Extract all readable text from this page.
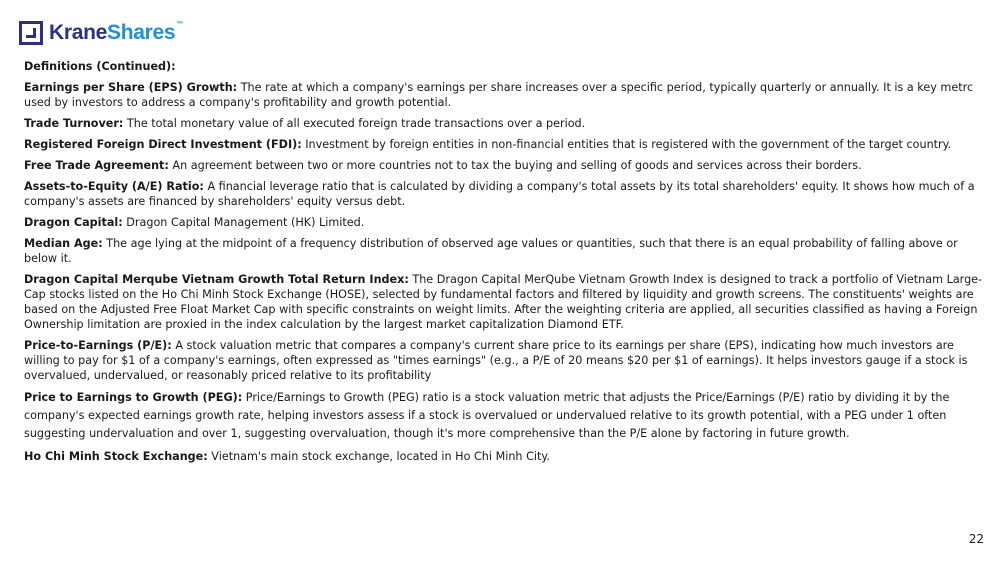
KraneShares™

Definitions (Continued):

Earnings per Share (EPS) Growth: The rate at which a company's earnings per share increases over a specific period, typically quarterly or annually. It is a key metrc used by investors to address a company's profitability and growth potential.

Trade Turnover: The total monetary value of all executed foreign trade transactions over a period.

Registered Foreign Direct Investment (FDI): Investment by foreign entities in non-financial entities that is registered with the government of the target country.

Free Trade Agreement: An agreement between two or more countries not to tax the buying and selling of goods and services across their borders.

Assets-to-Equity (A/E) Ratio: A financial leverage ratio that is calculated by dividing a company's total assets by its total shareholders' equity. It shows how much of a company's assets are financed by shareholders' equity versus debt.

Dragon Capital: Dragon Capital Management (HK) Limited.

Median Age: The age lying at the midpoint of a frequency distribution of observed age values or quantities, such that there is an equal probability of falling above or below it.

Dragon Capital Merqube Vietnam Growth Total Return Index: The Dragon Capital MerQube Vietnam Growth Index is designed to track a portfolio of Vietnam Large-Cap stocks listed on the Ho Chi Minh Stock Exchange (HOSE), selected by fundamental factors and filtered by liquidity and growth screens. The constituents' weights are based on the Adjusted Free Float Market Cap with specific constraints on weight limits. After the weighting criteria are applied, all securities classified as having a Foreign Ownership limitation are proxied in the index calculation by the largest market capitalization Diamond ETF.

Price-to-Earnings (P/E): A stock valuation metric that compares a company's current share price to its earnings per share (EPS), indicating how much investors are willing to pay for $1 of a company's earnings, often expressed as "times earnings" (e.g., a P/E of 20 means $20 per $1 of earnings). It helps investors gauge if a stock is overvalued, undervalued, or reasonably priced relative to its profitability

Price to Earnings to Growth (PEG): Price/Earnings to Growth (PEG) ratio is a stock valuation metric that adjusts the Price/Earnings (P/E) ratio by dividing it by the company's expected earnings growth rate, helping investors assess if a stock is overvalued or undervalued relative to its growth potential, with a PEG under 1 often suggesting undervaluation and over 1, suggesting overvaluation, though it's more comprehensive than the P/E alone by factoring in future growth.

Ho Chi Minh Stock Exchange: Vietnam's main stock exchange, located in Ho Chi Minh City.

22
